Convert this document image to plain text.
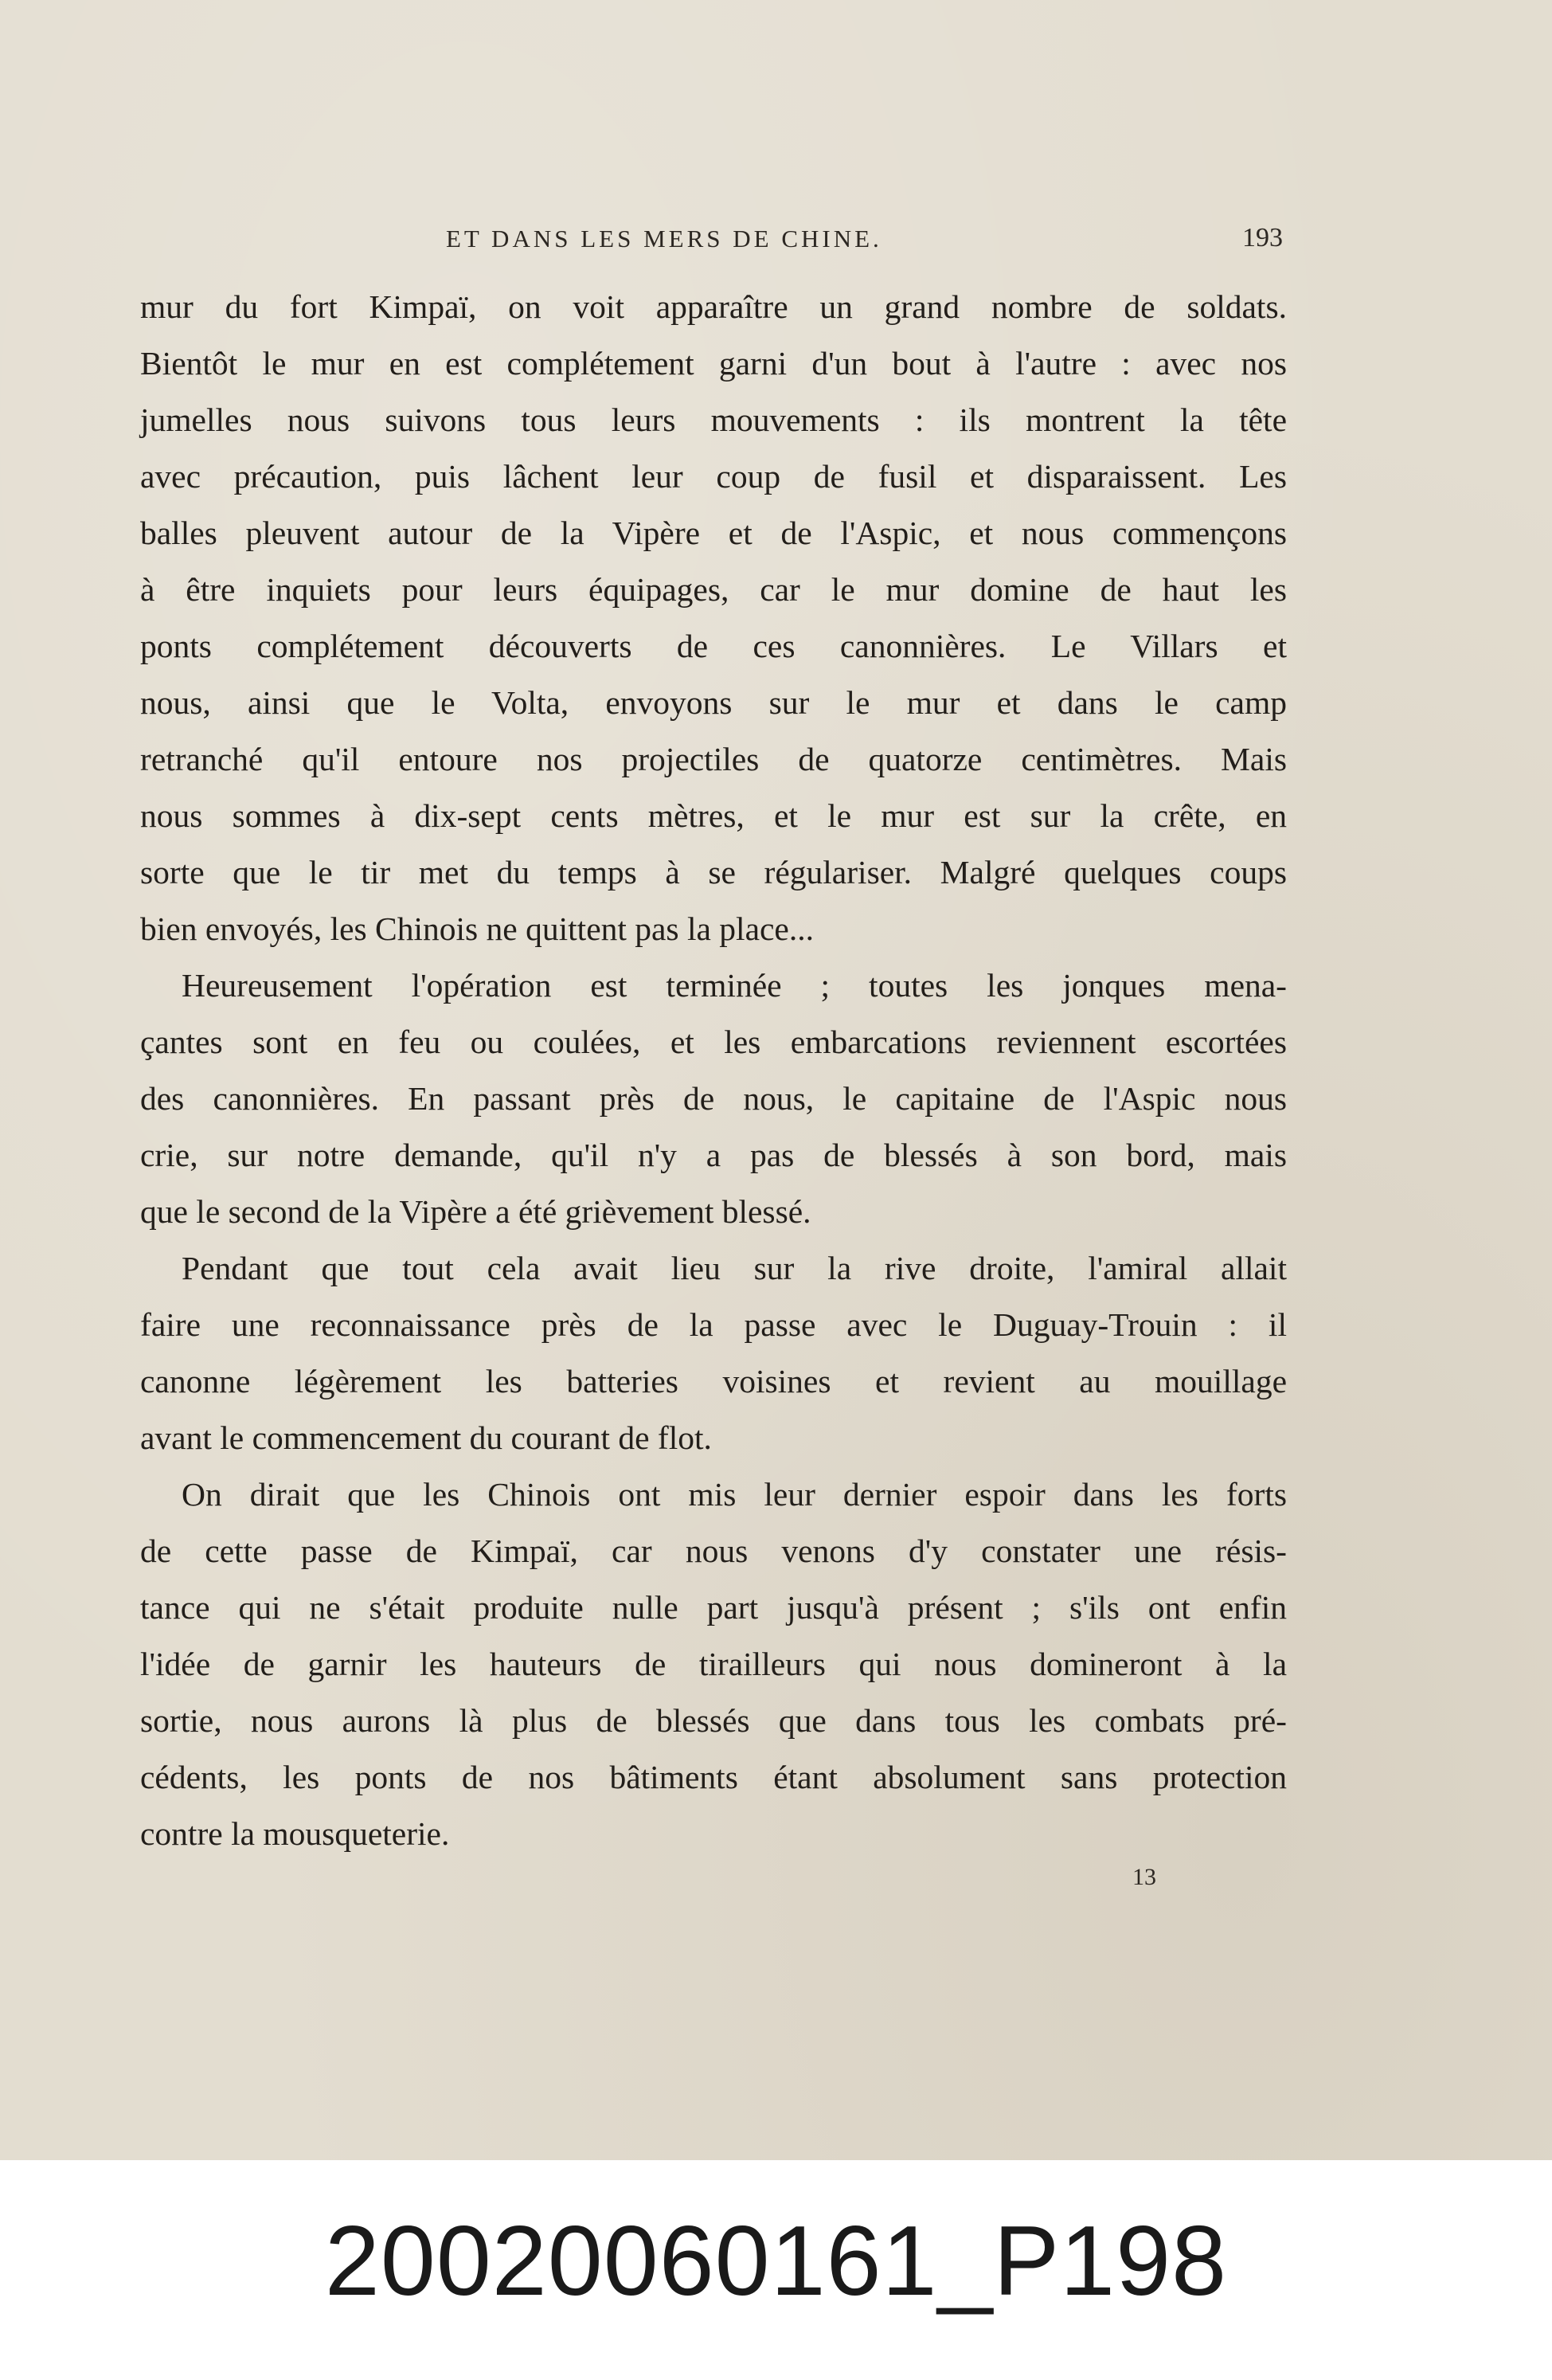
ET DANS LES MERS DE CHINE.	193
mur du fort Kimpaï, on voit apparaître un grand nombre de soldats.
Bientôt le mur en est complétement garni d'un bout à l'autre : avec nos
jumelles nous suivons tous leurs mouvements : ils montrent la tête
avec précaution, puis lâchent leur coup de fusil et disparaissent. Les
balles pleuvent autour de la Vipère et de l'Aspic, et nous commençons
à être inquiets pour leurs équipages, car le mur domine de haut les
ponts complétement découverts de ces canonnières. Le Villars et
nous, ainsi que le Volta, envoyons sur le mur et dans le camp
retranché qu'il entoure nos projectiles de quatorze centimètres. Mais
nous sommes à dix-sept cents mètres, et le mur est sur la crête, en
sorte que le tir met du temps à se régulariser. Malgré quelques coups
bien envoyés, les Chinois ne quittent pas la place...
Heureusement l'opération est terminée ; toutes les jonques mena-
çantes sont en feu ou coulées, et les embarcations reviennent escortées
des canonnières. En passant près de nous, le capitaine de l'Aspic nous
crie, sur notre demande, qu'il n'y a pas de blessés à son bord, mais
que le second de la Vipère a été grièvement blessé.
Pendant que tout cela avait lieu sur la rive droite, l'amiral allait
faire une reconnaissance près de la passe avec le Duguay-Trouin : il
canonne légèrement les batteries voisines et revient au mouillage
avant le commencement du courant de flot.
On dirait que les Chinois ont mis leur dernier espoir dans les forts
de cette passe de Kimpaï, car nous venons d'y constater une résis-
tance qui ne s'était produite nulle part jusqu'à présent ; s'ils ont enfin
l'idée de garnir les hauteurs de tirailleurs qui nous domineront à la
sortie, nous aurons là plus de blessés que dans tous les combats pré-
cédents, les ponts de nos bâtiments étant absolument sans protection
contre la mousqueterie.
13
20020060161_P198
